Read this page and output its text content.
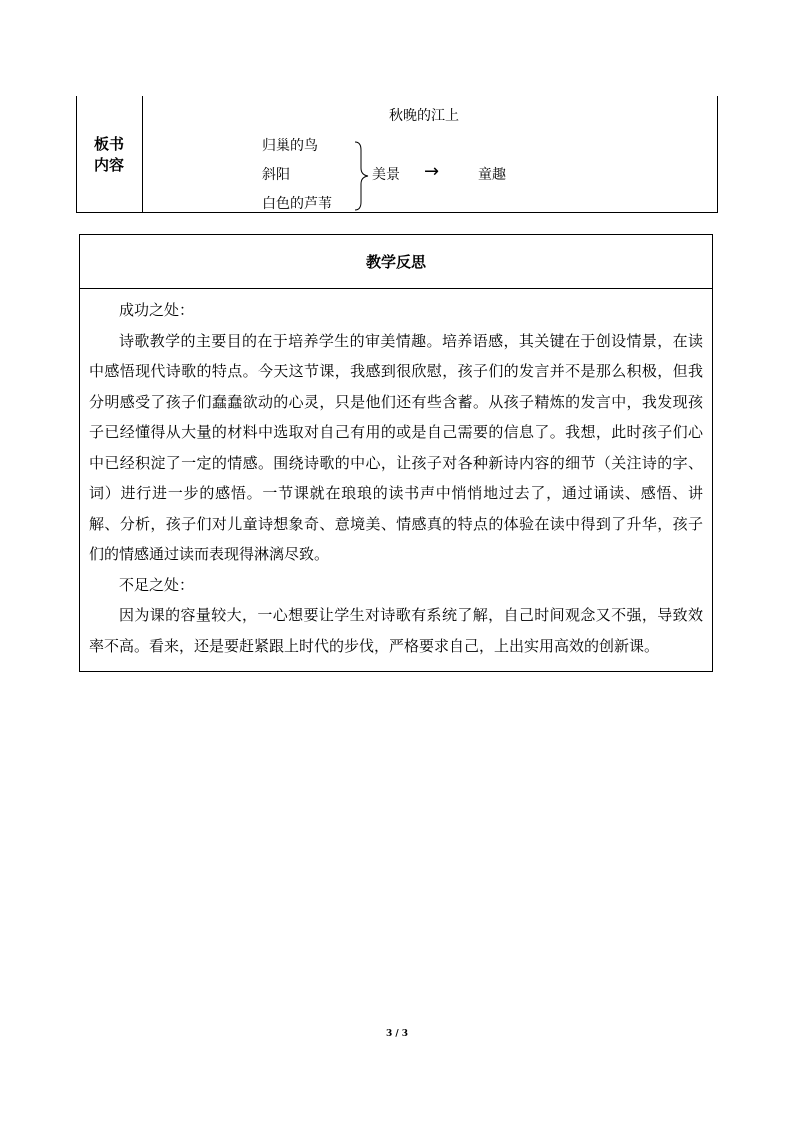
板书
内容
秋晚的江上
归巢的鸟
斜阳
白色的芦苇
美景 →	童趣
教学反思

成功之处：

诗歌教学的主要目的在于培养学生的审美情趣。培养语感，其关键在于创设情景，在读中感悟现代诗歌的特点。今天这节课，我感到很欣慰，孩子们的发言并不是那么积极，但我分明感受了孩子们蠢蠢欲动的心灵，只是他们还有些含蓄。从孩子精炼的发言中，我发现孩子已经懂得从大量的材料中选取对自己有用的或是自己需要的信息了。我想，此时孩子们心中已经积淀了一定的情感。围绕诗歌的中心，让孩子对各种新诗内容的细节（关注诗的字、词）进行进一步的感悟。一节课就在琅琅的读书声中悄悄地过去了，通过诵读、感悟、讲解、分析，孩子们对儿童诗想象奇、意境美、情感真的特点的体验在读中得到了升华，孩子们的情感通过读而表现得淋漓尽致。

不足之处：

因为课的容量较大，一心想要让学生对诗歌有系统了解，自己时间观念又不强，导致效率不高。看来，还是要赶紧跟上时代的步伐，严格要求自己，上出实用高效的创新课。

3 / 3
